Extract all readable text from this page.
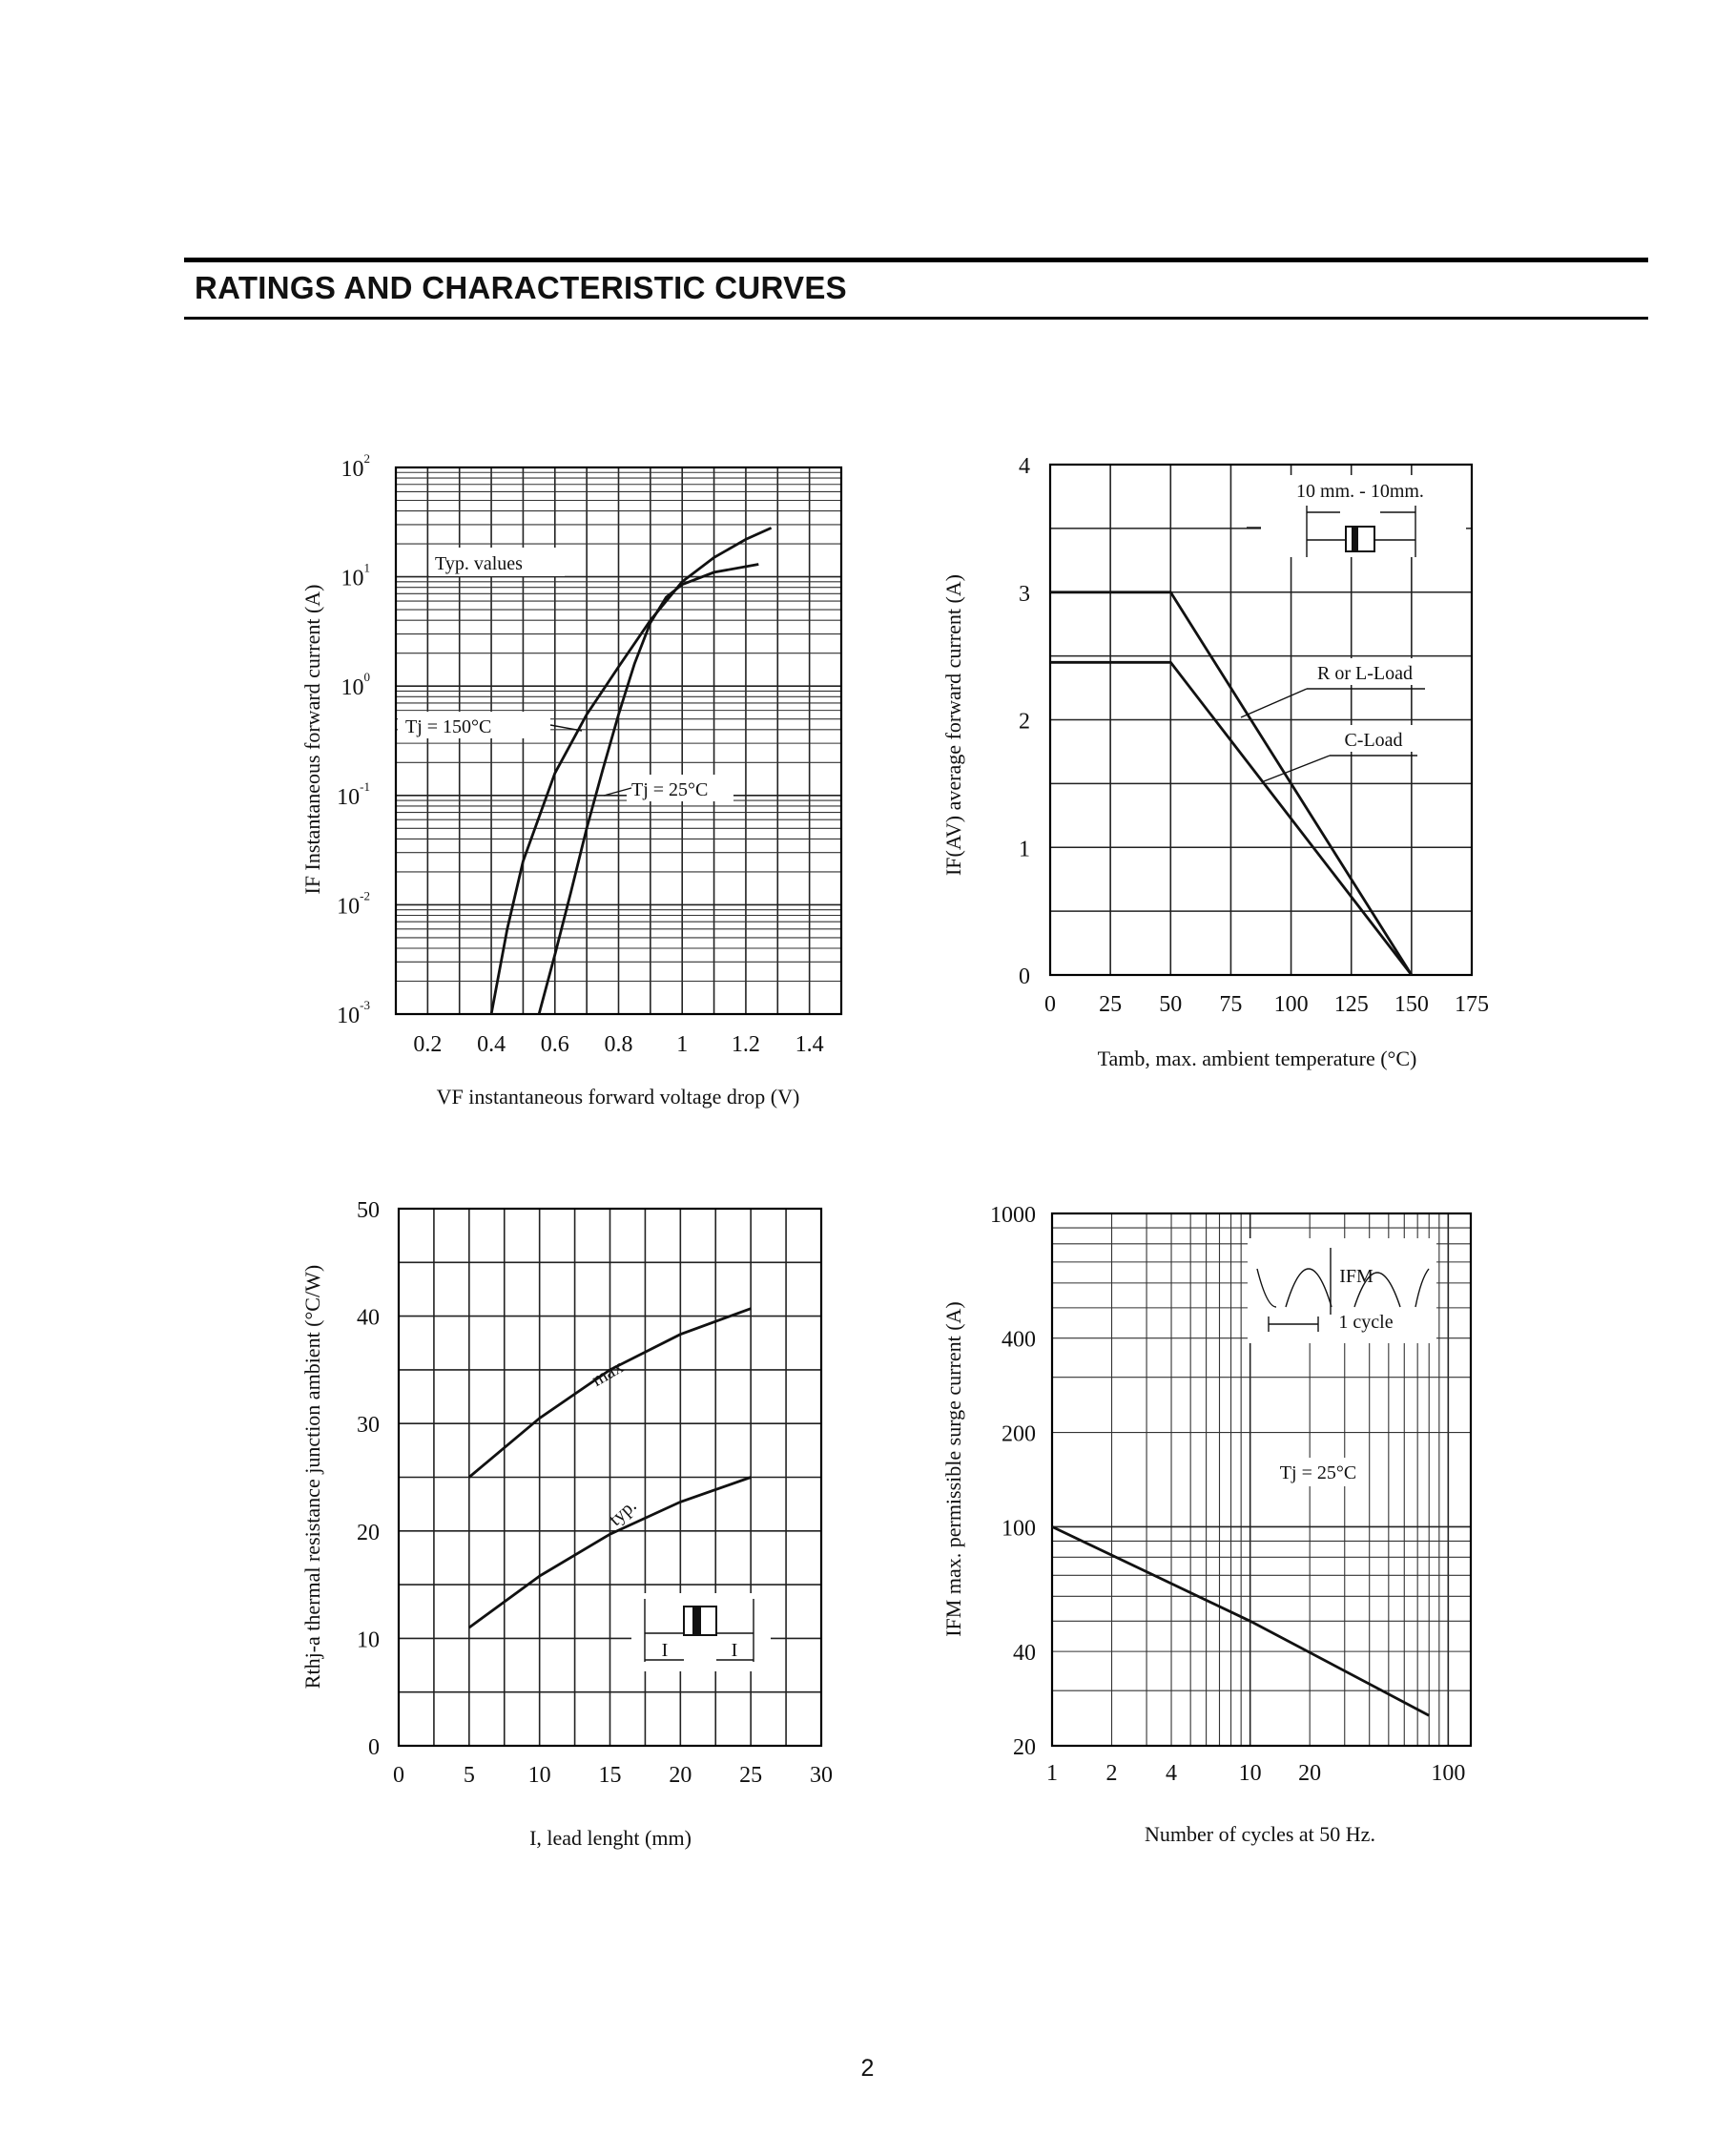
RATINGS AND CHARACTERISTIC CURVES
0.2 0.4 0.6 0.8 1 1.2 1.4
$10^2$
$10^1$
$10^0$
$10^{-1}$
$10^{-2}$
$10^{-3}$
VF instantaneous forward voltage drop (V)
IF Instantaneous forward current (A)
Typ. values
Tj = 150°C
Tj = 25°C
0 25 50 75 100 125 150 175
0
1
2
3
4
Tamb, max. ambient temperature (°C)
IF(AV) average forward current (A)
10 mm. - 10mm.
R or L-Load
C-Load
0	5 10 15 20 25 30
0
10
20
30
40
50
I, lead lenght (mm)
Rthj-a thermal resistance junction ambient (°C/W)	max
typ.
I	I
1 2 4	10 20	100
20
40
100
200
400
1000
Number of cycles at 50 Hz.
IFM max. permissible surge current (A)
IFM
1 cycle
Tj = 25°C
2
